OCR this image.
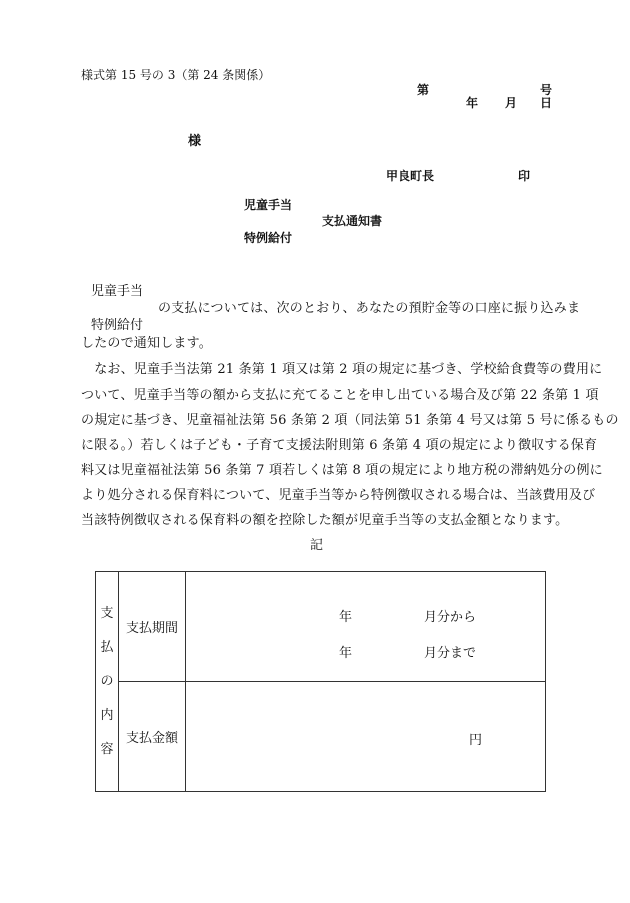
様式第 15 号の 3（第 24 条関係）
第	号
年 月 日
様
甲良町長	印
児童手当
支払通知書
特例給付
児童手当
の支払については、次のとおり、あなたの預貯金等の口座に振り込みま
特例給付
したので通知します。
　なお、児童手当法第 21 条第 1 項又は第 2 項の規定に基づき、学校給食費等の費用に
ついて、児童手当等の額から支払に充てることを申し出ている場合及び第 22 条第 1 項
の規定に基づき、児童福祉法第 56 条第 2 項（同法第 51 条第 4 号又は第 5 号に係るもの
に限る。）若しくは子ども・子育て支援法附則第 6 条第 4 項の規定により徴収する保育
料又は児童福祉法第 56 条第 7 項若しくは第 8 項の規定により地方税の滞納処分の例に
より処分される保育料について、児童手当等から特例徴収される場合は、当該費用及び
当該特例徴収される保育料の額を控除した額が児童手当等の支払金額となります。
記
支
払
の
内
容	支払期間	年 月分から
年 月分まで

	支払金額	円
